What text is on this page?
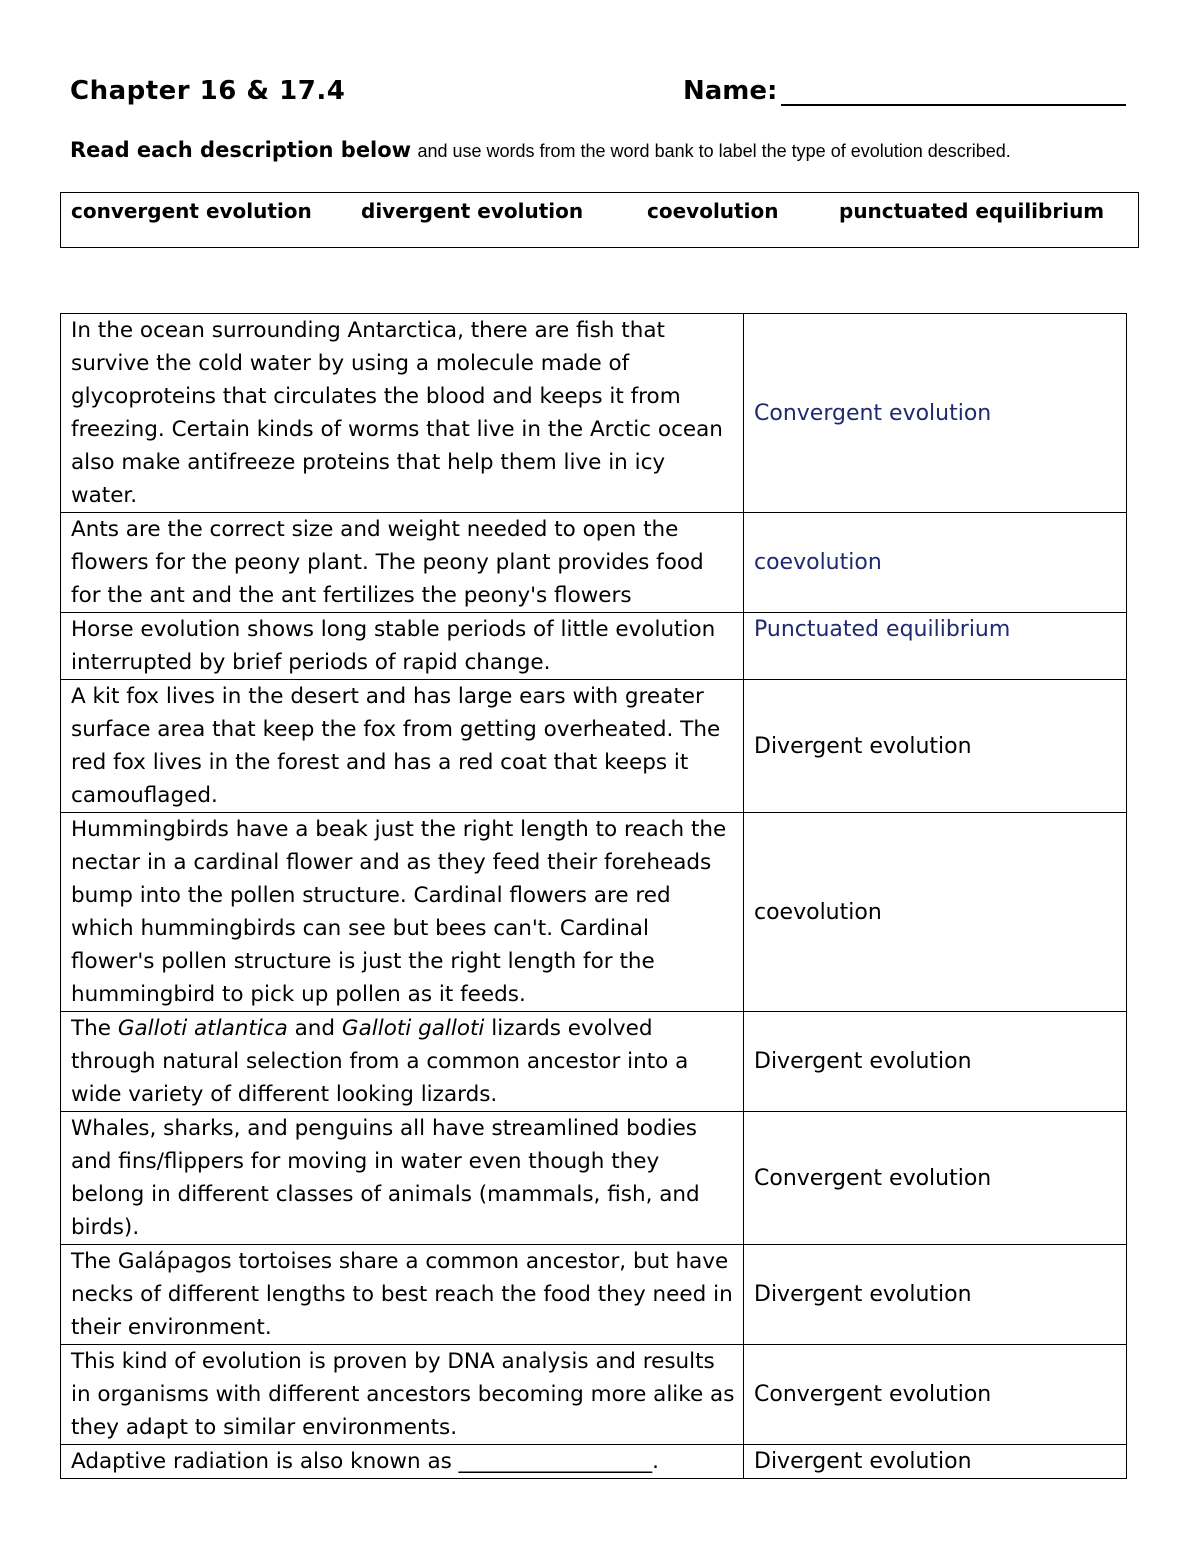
Chapter 16 & 17.4	Name:
Read each description below and use words from the word bank to label the type of evolution described.
convergent evolution divergent evolution	coevolution	punctuated equilibrium
In the ocean surrounding Antarctica, there are fish that survive the cold water by using a molecule made of glycoproteins that circulates the blood and keeps it from freezing. Certain kinds of worms that live in the Arctic ocean also make antifreeze proteins that help them live in icy water.	Convergent evolution
Ants are the correct size and weight needed to open the flowers for the peony plant. The peony plant provides food for the ant and the ant fertilizes the peony's flowers	coevolution
Horse evolution shows long stable periods of little evolution interrupted by brief periods of rapid change.	Punctuated equilibrium
A kit fox lives in the desert and has large ears with greater surface area that keep the fox from getting overheated. The red fox lives in the forest and has a red coat that keeps it camouflaged.	Divergent evolution
Hummingbirds have a beak just the right length to reach the nectar in a cardinal flower and as they feed their foreheads bump into the pollen structure. Cardinal flowers are red which hummingbirds can see but bees can't. Cardinal flower's pollen structure is just the right length for the hummingbird to pick up pollen as it feeds.	coevolution
The Galloti atlantica and Galloti galloti lizards evolved through natural selection from a common ancestor into a wide variety of different looking lizards.	Divergent evolution
Whales, sharks, and penguins all have streamlined bodies and fins/flippers for moving in water even though they belong in different classes of animals (mammals, fish, and birds).	Convergent evolution
The Galápagos tortoises share a common ancestor, but have necks of different lengths to best reach the food they need in their environment.	Divergent evolution
This kind of evolution is proven by DNA analysis and results in organisms with different ancestors becoming more alike as they adapt to similar environments.	Convergent evolution
Adaptive radiation is also known as __________________.	Divergent evolution
